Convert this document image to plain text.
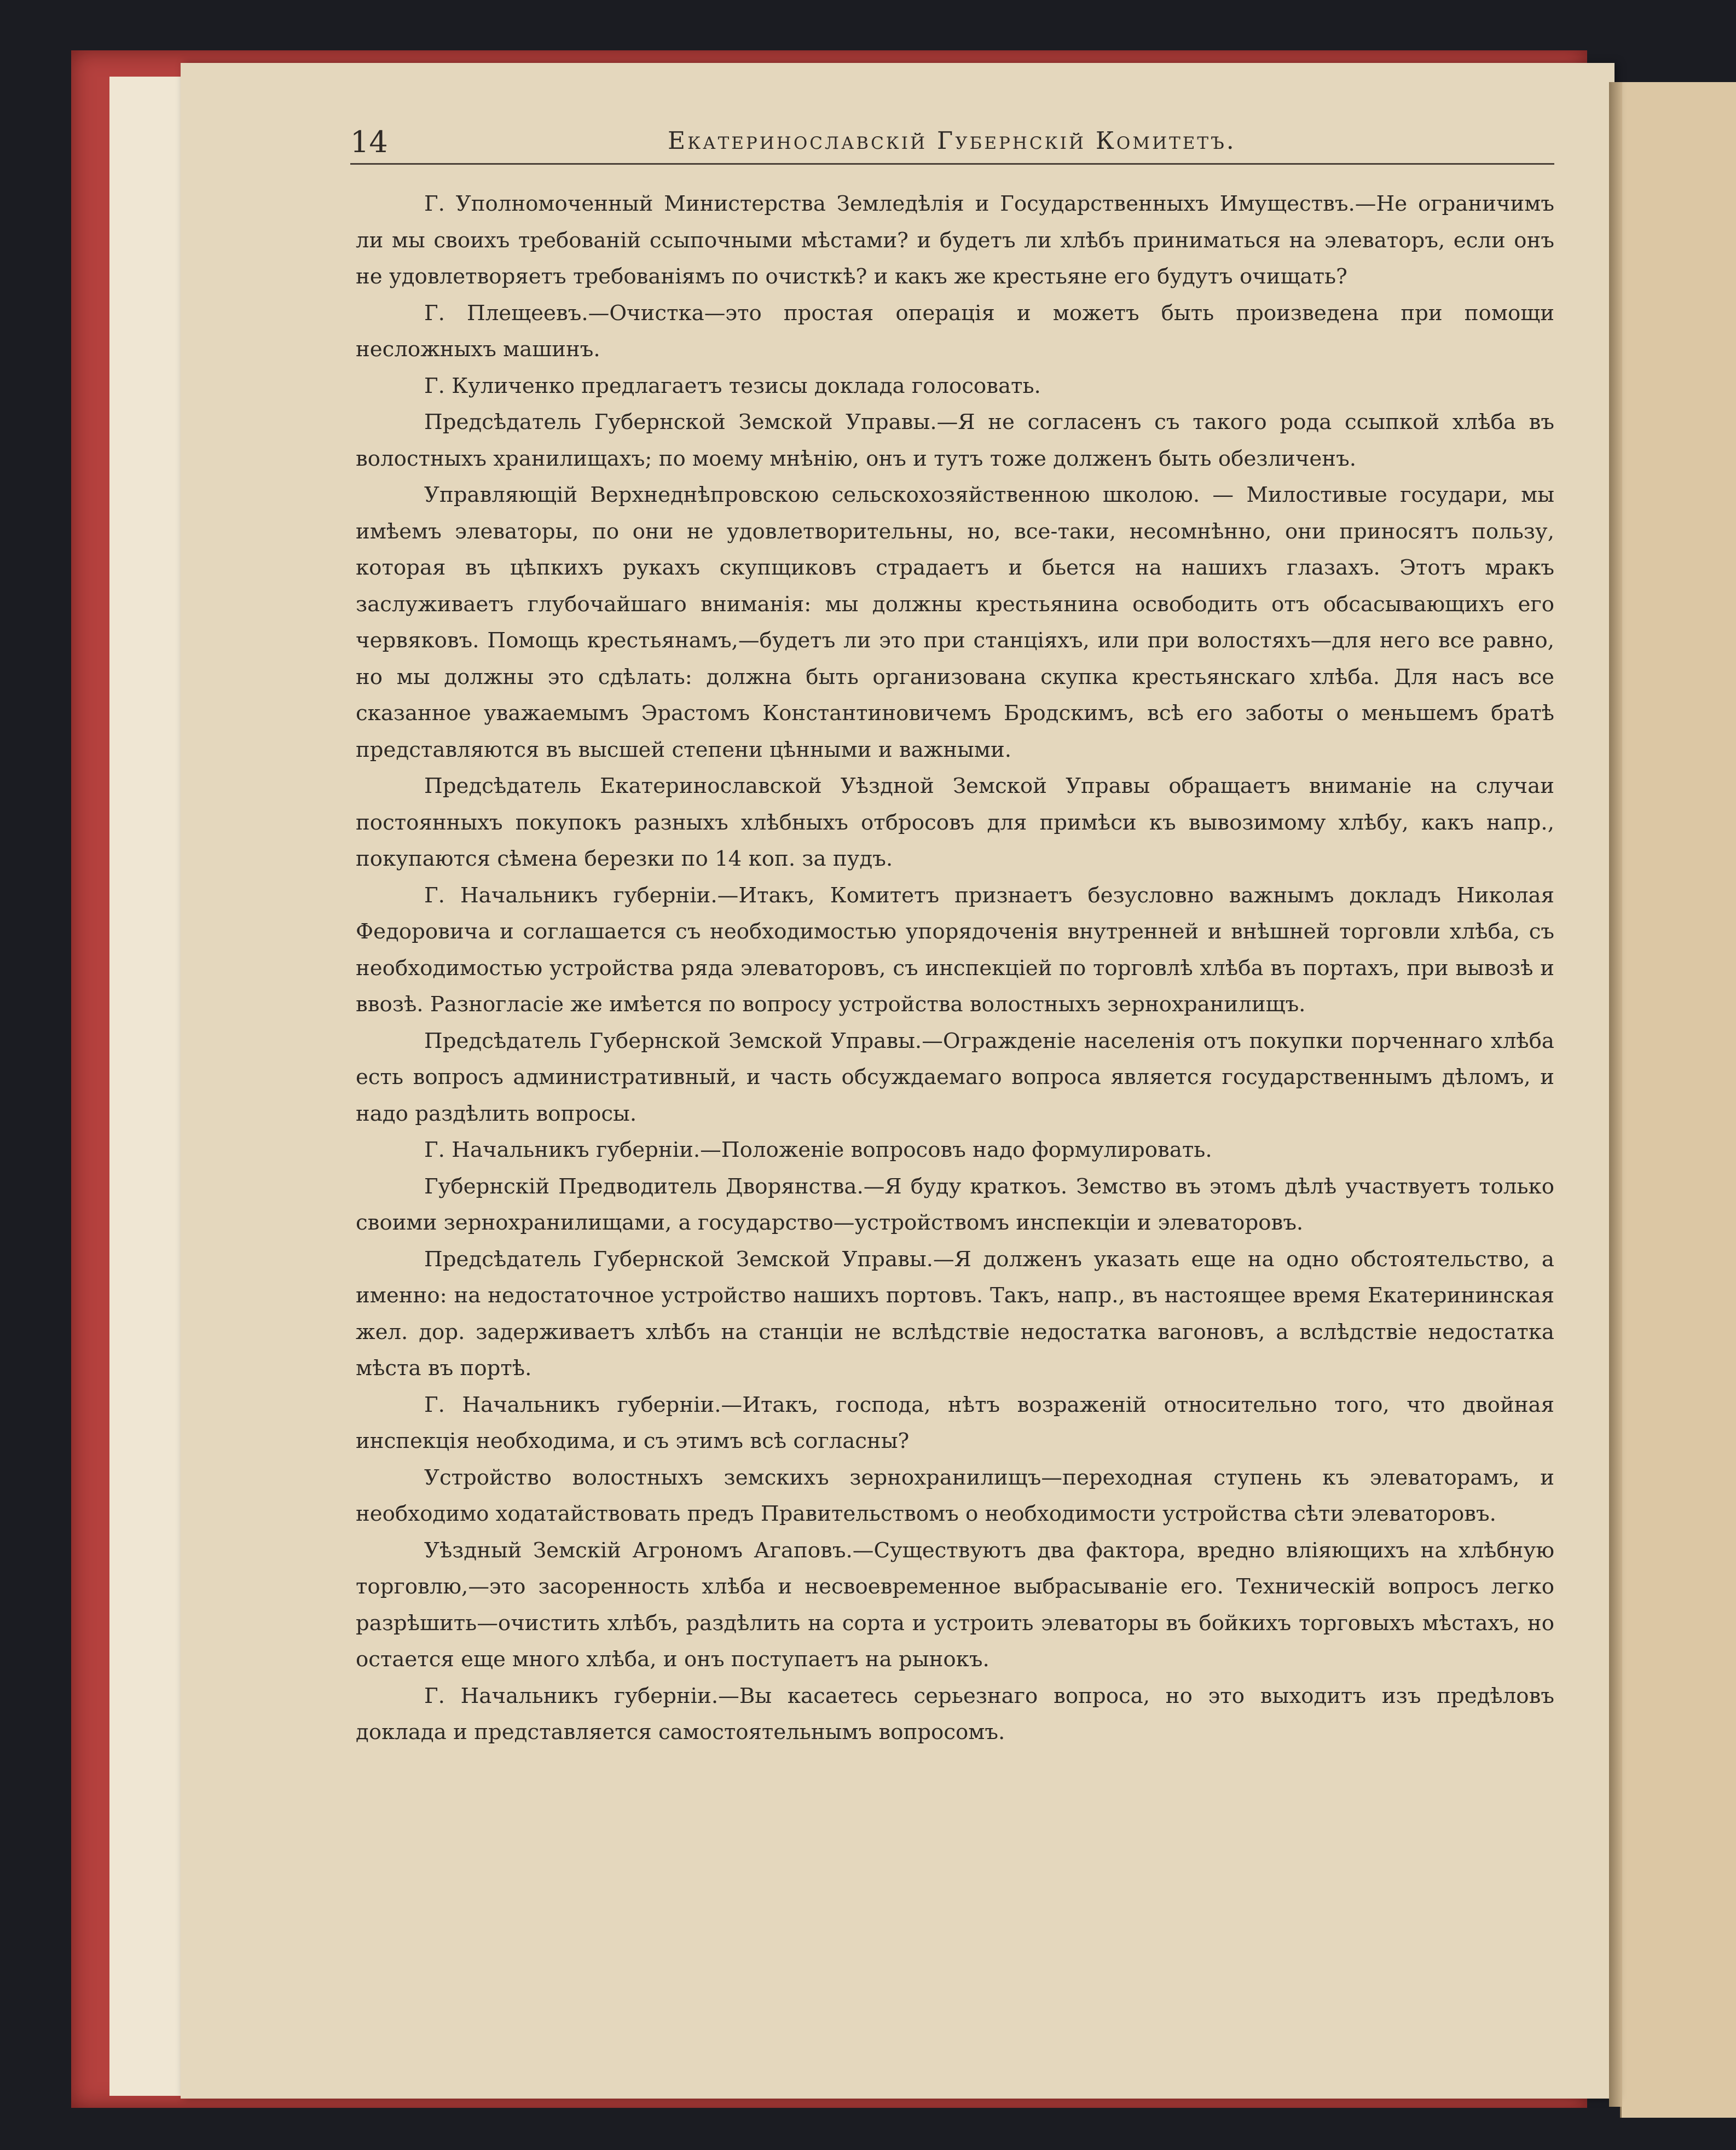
14	Екатеринославскій Губернскій Комитетъ.

Г. Уполномоченный Министерства Земледѣлія и Государственныхъ Имуществъ.—Не ограничимъ ли мы своихъ требованій ссыпочными мѣстами? и будетъ ли хлѣбъ приниматься на элеваторъ, если онъ не удовлетворяетъ требованіямъ по очисткѣ? и какъ же крестьяне его будутъ очищать?

Г. Плещеевъ.—Очистка—это простая операція и можетъ быть произведена при помощи несложныхъ машинъ.

Г. Куличенко предлагаетъ тезисы доклада голосовать.

Предсѣдатель Губернской Земской Управы.—Я не согласенъ съ такого рода ссыпкой хлѣба въ волостныхъ хранилищахъ; по моему мнѣнію, онъ и тутъ тоже долженъ быть обезличенъ.

Управляющій Верхнеднѣпровскою сельскохозяйственною школою. — Милостивые государи, мы имѣемъ элеваторы, по они не удовлетворительны, но, все-таки, несомнѣнно, они приносятъ пользу, которая въ цѣпкихъ рукахъ скупщиковъ страдаетъ и бьется на нашихъ глазахъ. Этотъ мракъ заслуживаетъ глубочайшаго вниманія: мы должны крестьянина освободить отъ обсасывающихъ его червяковъ. Помощь крестьянамъ,—будетъ ли это при станціяхъ, или при волостяхъ—для него все равно, но мы должны это сдѣлать: должна быть организована скупка крестьянскаго хлѣба. Для насъ все сказанное уважаемымъ Эрастомъ Константиновичемъ Бродскимъ, всѣ его заботы о меньшемъ братѣ представляются въ высшей степени цѣнными и важными.

Предсѣдатель Екатеринославской Уѣздной Земской Управы обращаетъ вниманіе на случаи постоянныхъ покупокъ разныхъ хлѣбныхъ отбросовъ для примѣси къ вывозимому хлѣбу, какъ напр., покупаются сѣмена березки по 14 коп. за пудъ.

Г. Начальникъ губерніи.—Итакъ, Комитетъ признаетъ безусловно важнымъ докладъ Николая Федоровича и соглашается съ необходимостью упорядоченія внутренней и внѣшней торговли хлѣба, съ необходимостью устройства ряда элеваторовъ, съ инспекціей по торговлѣ хлѣба въ портахъ, при вывозѣ и ввозѣ. Разногласіе же имѣется по вопросу устройства волостныхъ зернохранилищъ.

Предсѣдатель Губернской Земской Управы.—Огражденіе населенія отъ покупки порченнаго хлѣба есть вопросъ административный, и часть обсуждаемаго вопроса является государственнымъ дѣломъ, и надо раздѣлить вопросы.

Г. Начальникъ губерніи.—Положеніе вопросовъ надо формулировать.

Губернскій Предводитель Дворянства.—Я буду краткоъ. Земство въ этомъ дѣлѣ участвуетъ только своими зернохранилищами, а государство—устройствомъ инспекціи и элеваторовъ.

Предсѣдатель Губернской Земской Управы.—Я долженъ указать еще на одно обстоятельство, а именно: на недостаточное устройство нашихъ портовъ. Такъ, напр., въ настоящее время Екатерининская жел. дор. задерживаетъ хлѣбъ на станціи не вслѣдствіе недостатка вагоновъ, а вслѣдствіе недостатка мѣста въ портѣ.

Г. Начальникъ губерніи.—Итакъ, господа, нѣтъ возраженій относительно того, что двойная инспекція необходима, и съ этимъ всѣ согласны?

Устройство волостныхъ земскихъ зернохранилищъ—переходная ступень къ элеваторамъ, и необходимо ходатайствовать предъ Правительствомъ о необходимости устройства сѣти элеваторовъ.

Уѣздный Земскій Агрономъ Агаповъ.—Существуютъ два фактора, вредно вліяющихъ на хлѣбную торговлю,—это засоренность хлѣба и несвоевременное выбрасываніе его. Техническій вопросъ легко разрѣшить—очистить хлѣбъ, раздѣлить на сорта и устроить элеваторы въ бойкихъ торговыхъ мѣстахъ, но остается еще много хлѣба, и онъ поступаетъ на рынокъ.

Г. Начальникъ губерніи.—Вы касаетесь серьезнаго вопроса, но это выходитъ изъ предѣловъ доклада и представляется самостоятельнымъ вопросомъ.
